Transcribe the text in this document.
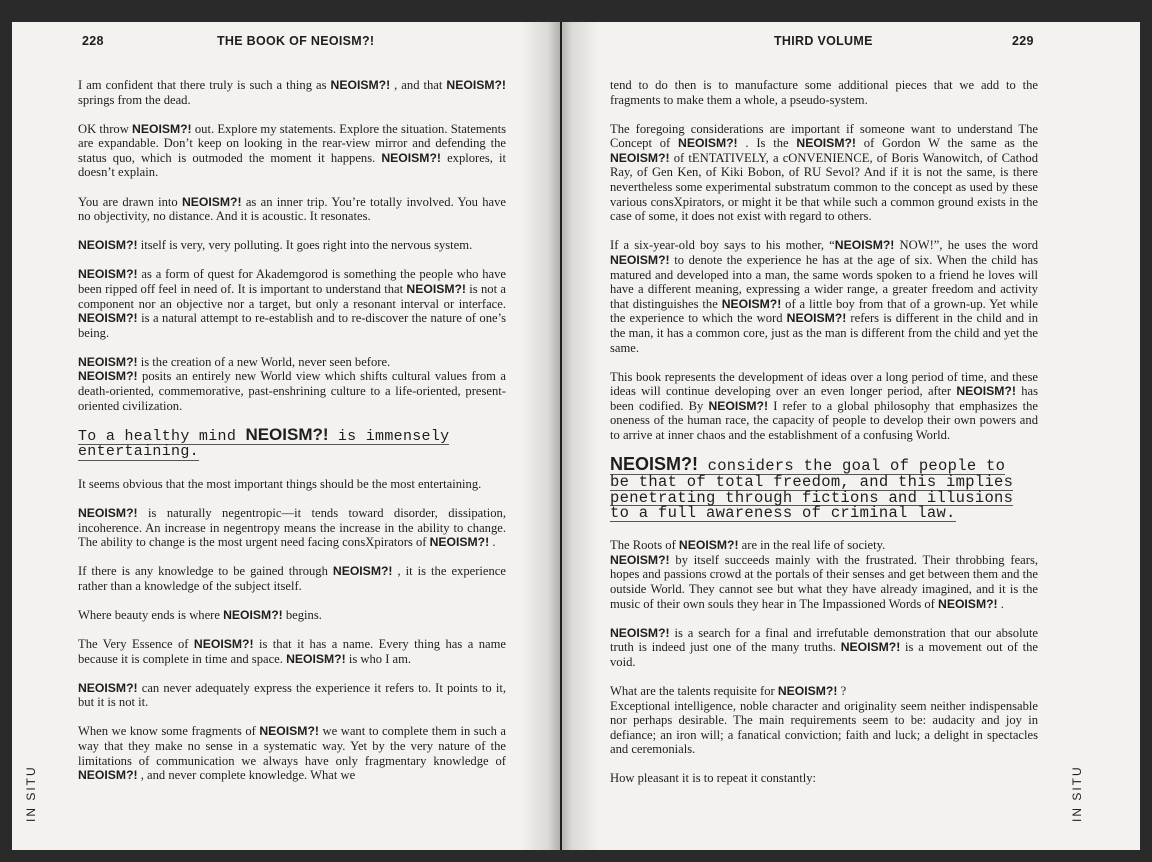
228	THE BOOK OF NEOISM?!
IN SITU

I am confident that there truly is such a thing as NEOISM?! , and that NEOISM?! springs from the dead.

OK throw NEOISM?! out. Explore my statements. Explore the situation. Statements are expandable. Don’t keep on looking in the rear-view mirror and defending the status quo, which is outmoded the moment it happens. NEOISM?! explores, it doesn’t explain.

You are drawn into NEOISM?! as an inner trip. You’re totally involved. You have no objectivity, no distance. And it is acoustic. It resonates.

NEOISM?! itself is very, very polluting. It goes right into the nervous system.

NEOISM?! as a form of quest for Akademgorod is something the people who have been ripped off feel in need of. It is important to understand that NEOISM?! is not a component nor an objective nor a target, but only a resonant interval or interface. NEOISM?! is a natural attempt to re-establish and to re-discover the nature of one’s being.

NEOISM?! is the creation of a new World, never seen before.
NEOISM?! posits an entirely new World view which shifts cultural values from a death-oriented, commemorative, past-enshrining culture to a life-oriented, present-oriented civilization.

To a healthy mind NEOISM?! is immensely
entertaining.

It seems obvious that the most important things should be the most entertaining.

NEOISM?! is naturally negentropic—it tends toward disorder, dissipation, incoherence. An increase in negentropy means the increase in the ability to change. The ability to change is the most urgent need facing consXpirators of NEOISM?! .

If there is any knowledge to be gained through NEOISM?! , it is the experience rather than a knowledge of the subject itself.

Where beauty ends is where NEOISM?! begins.

The Very Essence of NEOISM?! is that it has a name. Every thing has a name because it is complete in time and space. NEOISM?! is who I am.

NEOISM?! can never adequately express the experience it refers to. It points to it, but it is not it.

When we know some fragments of NEOISM?! we want to complete them in such a way that they make no sense in a systematic way. Yet by the very nature of the limitations of communication we always have only fragmentary knowledge of NEOISM?! , and never complete knowledge. What we

THIRD VOLUME	229
IN SITU

tend to do then is to manufacture some additional pieces that we add to the fragments to make them a whole, a pseudo-system.

The foregoing considerations are important if someone want to understand The Concept of NEOISM?! . Is the NEOISM?! of Gordon W the same as the NEOISM?! of tENTATIVELY, a cONVENIENCE, of Boris Wanowitch, of Cathod Ray, of Gen Ken, of Kiki Bobon, of RU Sevol? And if it is not the same, is there nevertheless some experimental substratum common to the concept as used by these various consXpirators, or might it be that while such a common ground exists in the case of some, it does not exist with regard to others.

If a six-year-old boy says to his mother, “NEOISM?! NOW!”, he uses the word NEOISM?! to denote the experience he has at the age of six. When the child has matured and developed into a man, the same words spoken to a friend he loves will have a different meaning, expressing a wider range, a greater freedom and activity that distinguishes the NEOISM?! of a little boy from that of a grown-up. Yet while the experience to which the word NEOISM?! refers is different in the child and in the man, it has a common core, just as the man is different from the child and yet the same.

This book represents the development of ideas over a long period of time, and these ideas will continue developing over an even longer period, after NEOISM?! has been codified. By NEOISM?! I refer to a global philosophy that emphasizes the oneness of the human race, the capacity of people to develop their own powers and to arrive at inner chaos and the establishment of a confusing World.

NEOISM?! considers the goal of people to
be that of total freedom, and this implies
penetrating through fictions and illusions
to a full awareness of criminal law.

The Roots of NEOISM?! are in the real life of society.
NEOISM?! by itself succeeds mainly with the frustrated. Their throbbing fears, hopes and passions crowd at the portals of their senses and get between them and the outside World. They cannot see but what they have already imagined, and it is the music of their own souls they hear in The Impassioned Words of NEOISM?! .

NEOISM?! is a search for a final and irrefutable demonstration that our absolute truth is indeed just one of the many truths. NEOISM?! is a movement out of the void.

What are the talents requisite for NEOISM?! ?
Exceptional intelligence, noble character and originality seem neither indispensable nor perhaps desirable. The main requirements seem to be: audacity and joy in defiance; an iron will; a fanatical conviction; faith and luck; a delight in spectacles and ceremonials.

How pleasant it is to repeat it constantly:
